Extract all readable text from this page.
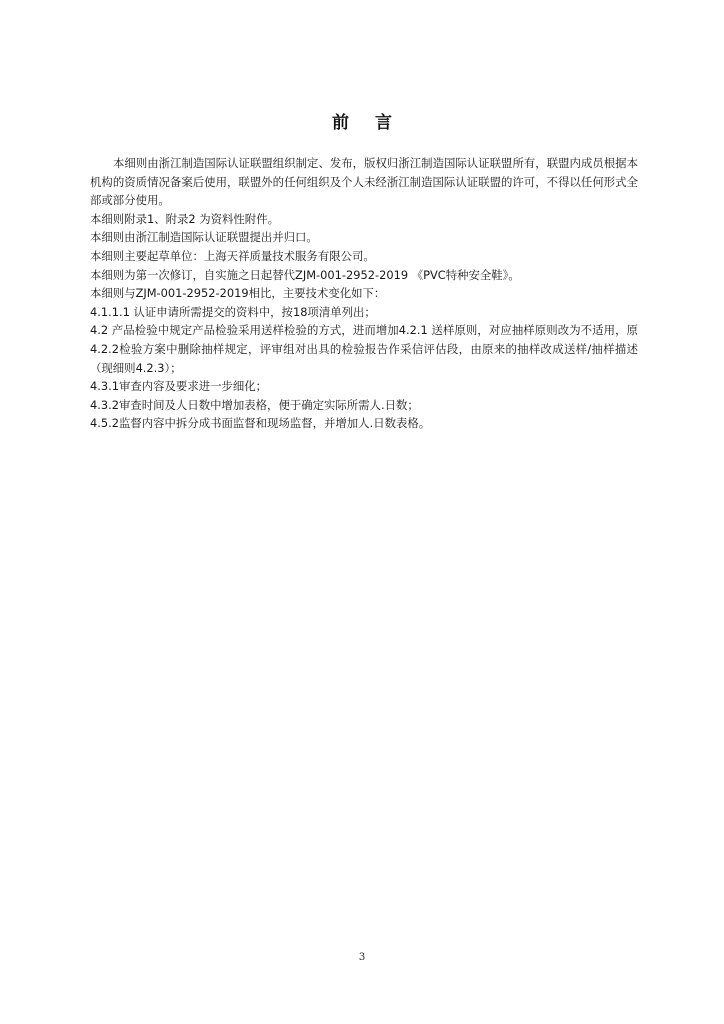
前 言

本细则由浙江制造国际认证联盟组织制定、发布，版权归浙江制造国际认证联盟所有，联盟内成员根据本机构的资质情况备案后使用，联盟外的任何组织及个人未经浙江制造国际认证联盟的许可，不得以任何形式全部或部分使用。

本细则附录1、附录2 为资料性附件。

本细则由浙江制造国际认证联盟提出并归口。

本细则主要起草单位：上海天祥质量技术服务有限公司。

本细则为第一次修订，自实施之日起替代ZJM-001-2952-2019 《PVC特种安全鞋》。

本细则与ZJM-001-2952-2019相比，主要技术变化如下：

4.1.1.1 认证申请所需提交的资料中，按18项清单列出；

4.2 产品检验中规定产品检验采用送样检验的方式，进而增加4.2.1 送样原则，对应抽样原则改为不适用，原4.2.2检验方案中删除抽样规定，评审组对出具的检验报告作采信评估段，由原来的抽样改成送样/抽样描述（现细则4.2.3）；

4.3.1审查内容及要求进一步细化；

4.3.2审查时间及人日数中增加表格，便于确定实际所需人.日数；

4.5.2监督内容中拆分成书面监督和现场监督，并增加人.日数表格。

3
